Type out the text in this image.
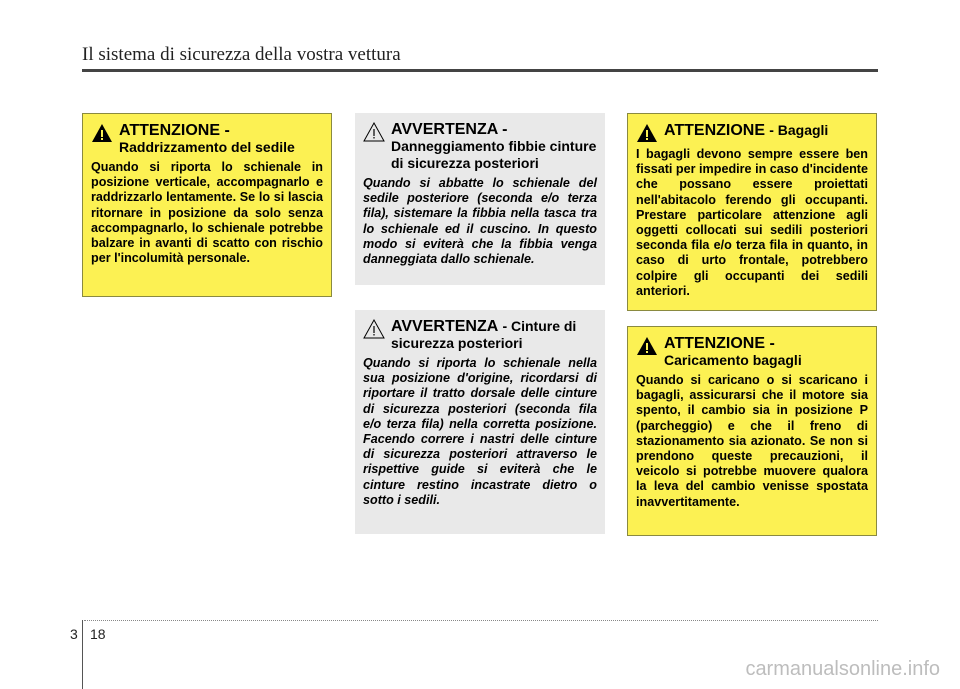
Il sistema di sicurezza della vostra vettura
ATTENZIONE -
Raddrizzamento del sedile
Quando si riporta lo schienale in posizione verticale, accompagnarlo e raddrizzarlo lentamente. Se lo si lascia ritornare in posizione da solo senza accompagnarlo, lo schienale potrebbe balzare in avanti di scatto con rischio per l'incolumità personale.
AVVERTENZA -
Danneggiamento fibbie cinture di sicurezza posteriori
Quando si abbatte lo schienale del sedile posteriore (seconda e/o terza fila), sistemare la fibbia nella tasca tra lo schienale ed il cuscino. In questo modo si eviterà che la fibbia venga danneggiata dallo schienale.
AVVERTENZA - Cinture di sicurezza posteriori
Quando si riporta lo schienale nella sua posizione d'origine, ricordarsi di riportare il tratto dorsale delle cinture di sicurezza posteriori (seconda fila e/o terza fila) nella corretta posizione. Facendo correre i nastri delle cinture di sicurezza posteriori attraverso le rispettive guide si eviterà che le cinture restino incastrate dietro o sotto i sedili.
ATTENZIONE - Bagagli
I bagagli devono sempre essere ben fissati per impedire in caso d'incidente che possano essere proiettati nell'abitacolo ferendo gli occupanti. Prestare particolare attenzione agli oggetti collocati sui sedili posteriori seconda fila e/o terza fila in quanto, in caso di urto frontale, potrebbero colpire gli occupanti dei sedili anteriori.
ATTENZIONE -
Caricamento bagagli
Quando si caricano o si scaricano i bagagli, assicurarsi che il motore sia spento, il cambio sia in posizione P (parcheggio) e che il freno di stazionamento sia azionato. Se non si prendono queste precauzioni, il veicolo si potrebbe muovere qualora la leva del cambio venisse spostata inavvertitamente.
3 18
carmanualsonline.info
